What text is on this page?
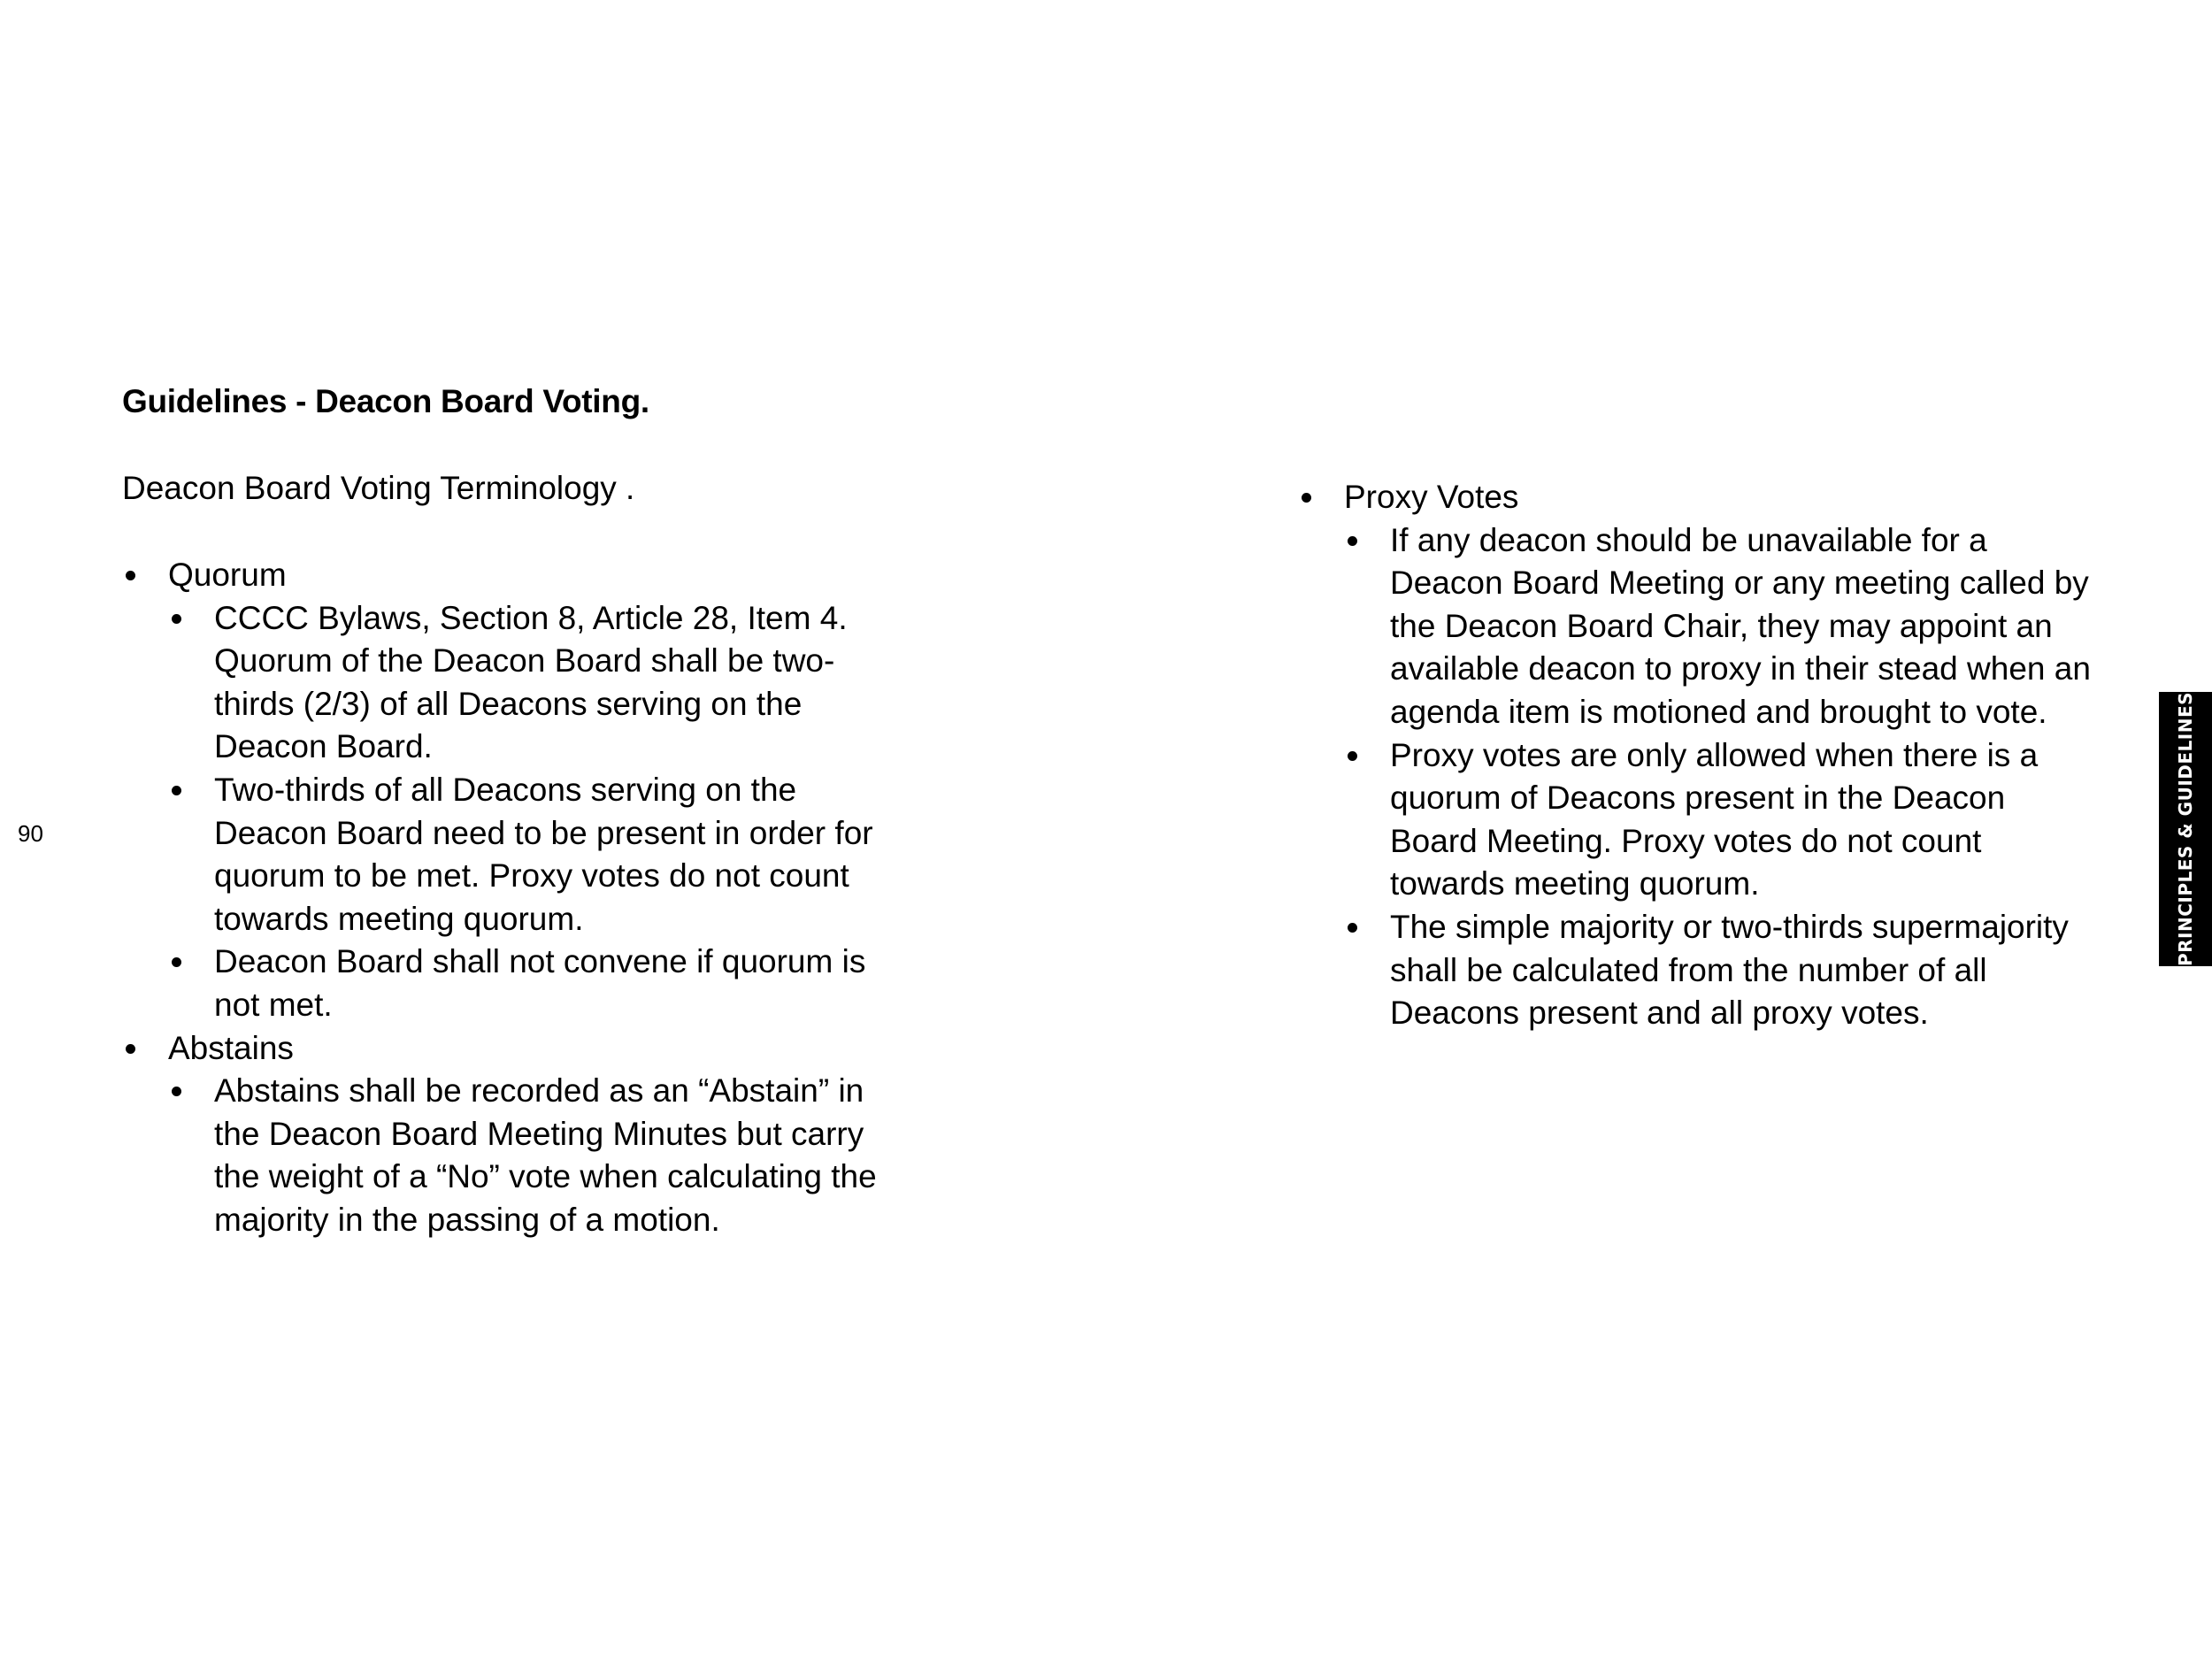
Guidelines - Deacon Board Voting.

Deacon Board Voting Terminology .

Quorum
CCCC Bylaws, Section 8, Article 28, Item 4. Quorum of the Deacon Board shall be two-thirds (2/3) of all Deacons serving on the Deacon Board.
Two-thirds of all Deacons serving on the Deacon Board need to be present in order for quorum to be met. Proxy votes do not count towards meeting quorum.
Deacon Board shall not convene if quorum is not met.
Abstains
Abstains shall be recorded as an “Abstain” in the Deacon Board Meeting Minutes but carry the weight of a “No” vote when calculating the majority in the passing of a motion.
Proxy Votes
If any deacon should be unavailable for a Deacon Board Meeting or any meeting called by the Deacon Board Chair, they may appoint an available deacon to proxy in their stead when an agenda item is motioned and brought to vote.
Proxy votes are only allowed when there is a quorum of Deacons present in the Deacon Board Meeting. Proxy votes do not count towards meeting quorum.
The simple majority or two-thirds supermajority shall be calculated from the number of all Deacons present and all proxy votes.
90	PRINCIPLES & GUIDELINES
